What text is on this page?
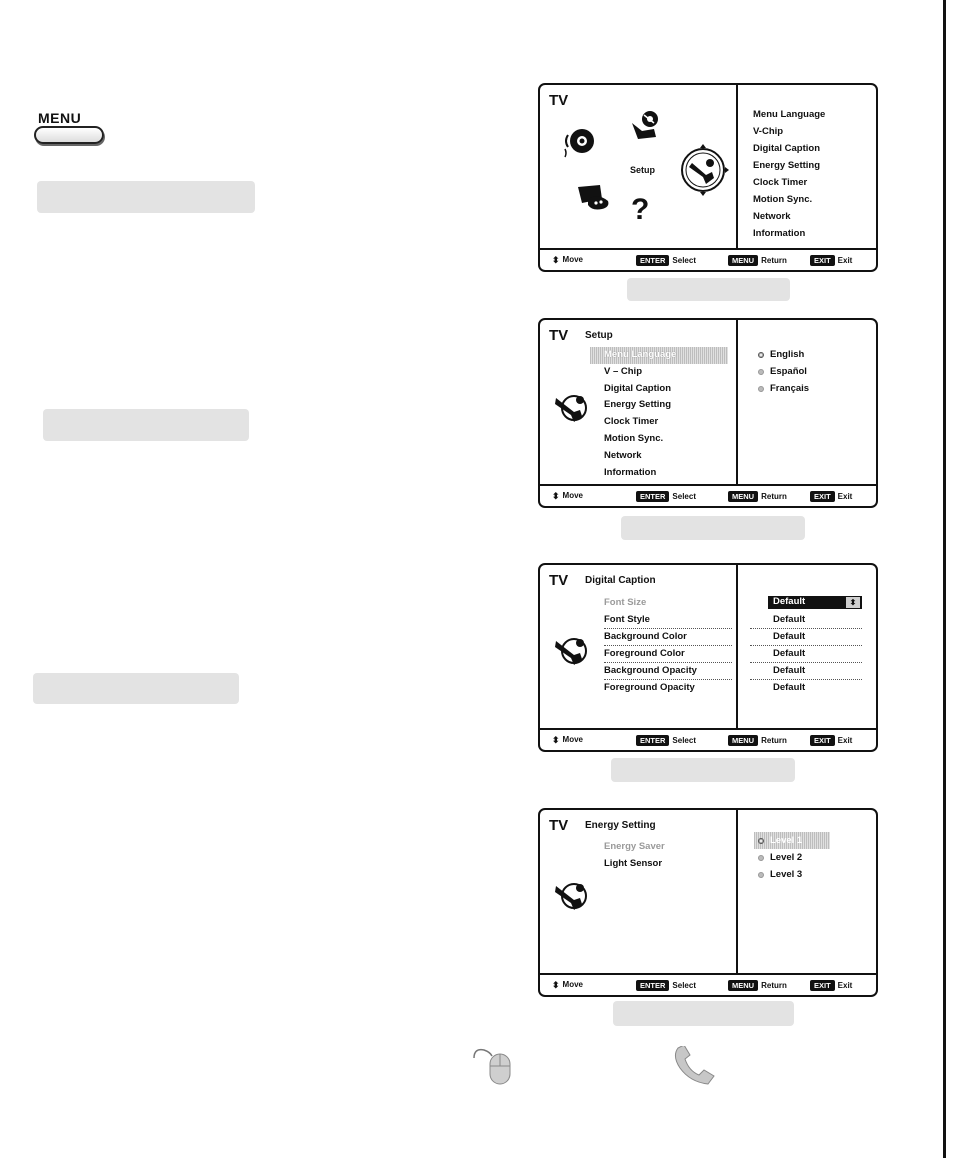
MENU
TV
?
Setup
Menu Language
V-Chip
Digital Caption
Energy Setting
Clock Timer
Motion Sync.
Network
Information
⬍ Move	ENTER Select	MENU Return	EXIT Exit
TV Setup
Menu Language
V – Chip
Digital Caption
Energy Setting
Clock Timer
Motion Sync.
Network
Information
English
Español
Français
⬍ Move	ENTER Select	MENU Return	EXIT Exit
TV Digital Caption
Font Size	Default	⬍
Font Style	Default
Background Color	Default
Foreground Color	Default
Background Opacity	Default
Foreground Opacity	Default
⬍ Move	ENTER Select	MENU Return	EXIT Exit
TV Energy Setting
Energy Saver
Light Sensor
Level 1
Level 2
Level 3
⬍ Move	ENTER Select	MENU Return	EXIT Exit
